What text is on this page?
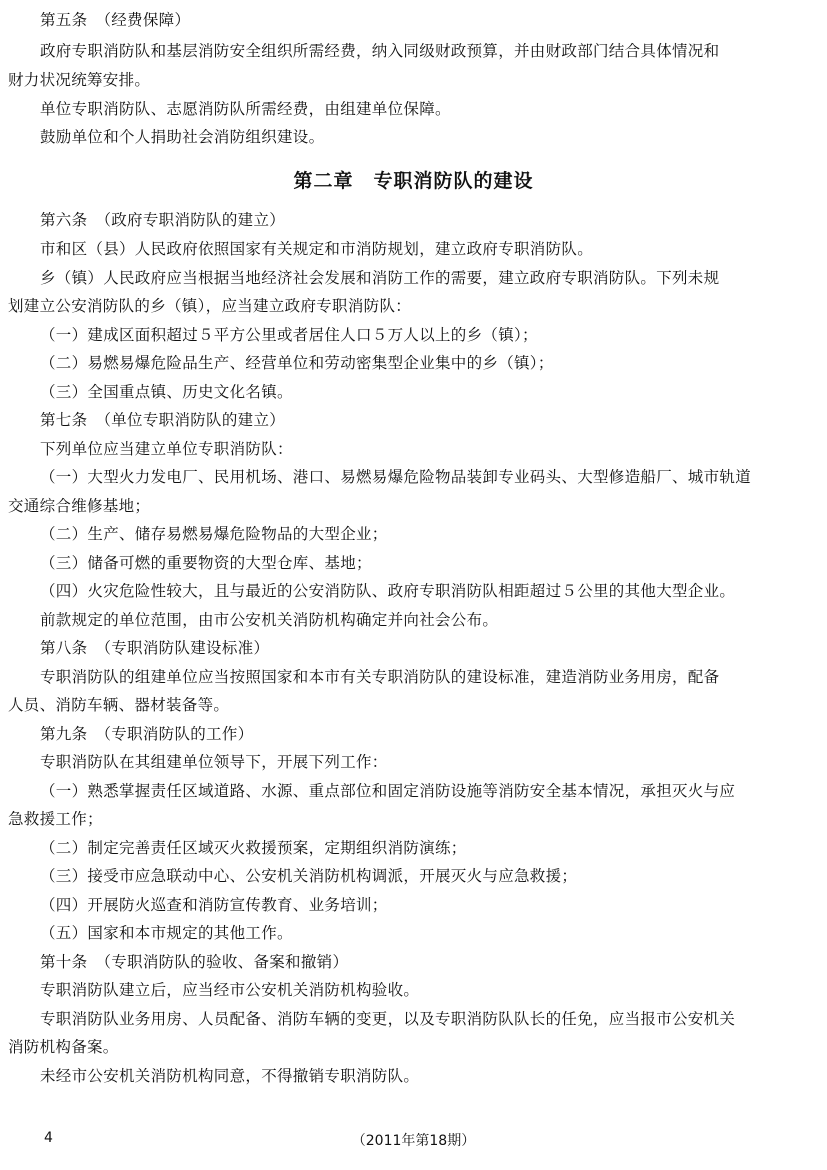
第五条　（经费保障）
政府专职消防队和基层消防安全组织所需经费，纳入同级财政预算，并由财政部门结合具体情况和
财力状况统筹安排。
单位专职消防队、志愿消防队所需经费，由组建单位保障。
鼓励单位和个人捐助社会消防组织建设。
第二章　专职消防队的建设
第六条　（政府专职消防队的建立）
市和区（县）人民政府依照国家有关规定和市消防规划，建立政府专职消防队。
乡（镇）人民政府应当根据当地经济社会发展和消防工作的需要，建立政府专职消防队。下列未规
划建立公安消防队的乡（镇），应当建立政府专职消防队：
（一）建成区面积超过５平方公里或者居住人口５万人以上的乡（镇）；
（二）易燃易爆危险品生产、经营单位和劳动密集型企业集中的乡（镇）；
（三）全国重点镇、历史文化名镇。
第七条　（单位专职消防队的建立）
下列单位应当建立单位专职消防队：
（一）大型火力发电厂、民用机场、港口、易燃易爆危险物品装卸专业码头、大型修造船厂、城市轨道
交通综合维修基地；
（二）生产、储存易燃易爆危险物品的大型企业；
（三）储备可燃的重要物资的大型仓库、基地；
（四）火灾危险性较大，且与最近的公安消防队、政府专职消防队相距超过５公里的其他大型企业。
前款规定的单位范围，由市公安机关消防机构确定并向社会公布。
第八条　（专职消防队建设标准）
专职消防队的组建单位应当按照国家和本市有关专职消防队的建设标准，建造消防业务用房，配备
人员、消防车辆、器材装备等。
第九条　（专职消防队的工作）
专职消防队在其组建单位领导下，开展下列工作：
（一）熟悉掌握责任区域道路、水源、重点部位和固定消防设施等消防安全基本情况，承担灭火与应
急救援工作；
（二）制定完善责任区域灭火救援预案，定期组织消防演练；
（三）接受市应急联动中心、公安机关消防机构调派，开展灭火与应急救援；
（四）开展防火巡查和消防宣传教育、业务培训；
（五）国家和本市规定的其他工作。
第十条　（专职消防队的验收、备案和撤销）
专职消防队建立后，应当经市公安机关消防机构验收。
专职消防队业务用房、人员配备、消防车辆的变更，以及专职消防队队长的任免，应当报市公安机关
消防机构备案。
未经市公安机关消防机构同意，不得撤销专职消防队。
4	（2011年第18期）
